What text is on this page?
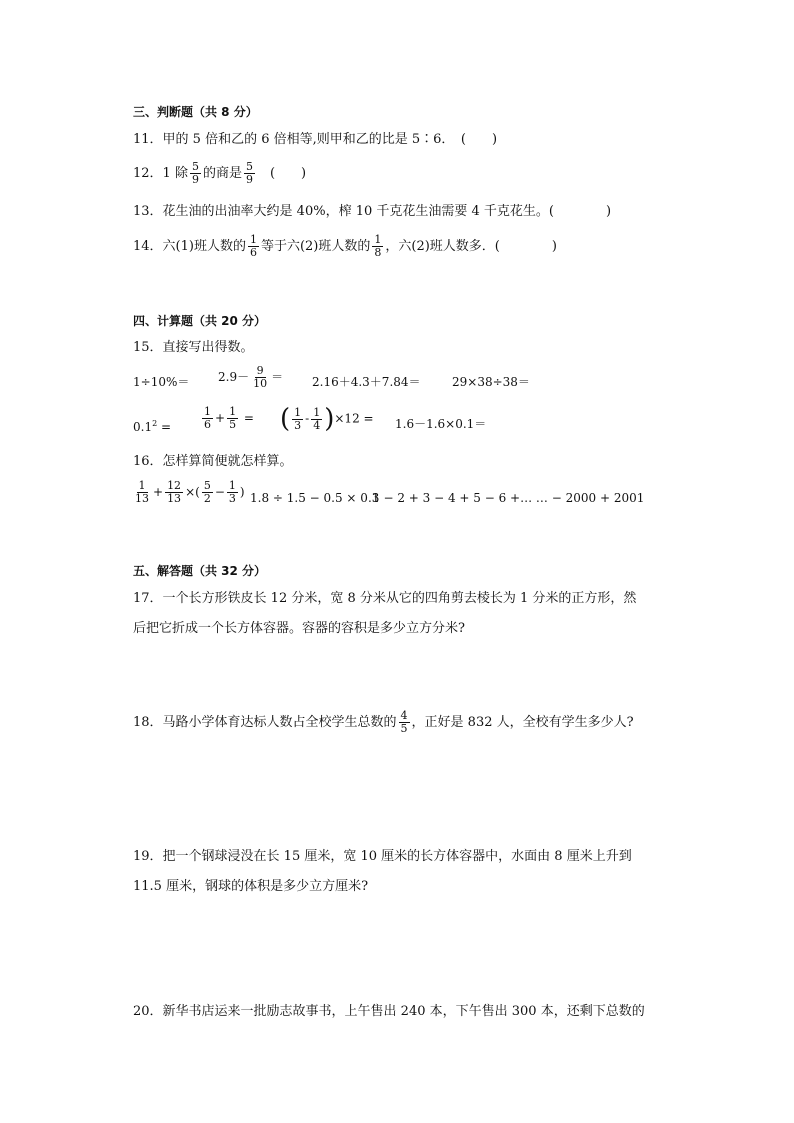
三、判断题（共 8 分）
11．甲的 5 倍和乙的 6 倍相等,则甲和乙的比是 5∶6．　(　　)
12．1 除 $\frac{5}{9}$ 的商是 $\frac{5}{9}$ 　(　　)
13．花生油的出油率大约是 40%，榨 10 千克花生油需要 4 千克花生。(　　　　)
14．六(1)班人数的 $\frac{1}{6}$ 等于六(2)班人数的 $\frac{1}{8}$ ，六(2)班人数多．(　　　　)
四、计算题（共 20 分）
15．直接写出得数。
$1\div 10\%= 2.9- \frac{9}{10} = 2.16+4.3+7.84=$	29×38÷38＝
$0.1^2$ =	$\frac{1}{6} + \frac{1}{5}$ = ( $\frac{1}{3} - \frac{1}{4} )\times 12 = 1.6-1.6\times 0.1=$
16．怎样算简便就怎样算。
$\frac{1}{13} + \frac{12}{13}$ ×( $\frac{5}{2} - \frac{1}{3}$ ) 1.8 ÷ 1.5 − 0.5 × 0.3
1 − 2 + 3 − 4 + 5 − 6 +… … − 2000 + 2001
五、解答题（共 32 分）
17．一个长方形铁皮长 12 分米，宽 8 分米从它的四角剪去棱长为 1 分米的正方形，然
后把它折成一个长方体容器。容器的容积是多少立方分米?
18．马路小学体育达标人数占全校学生总数的 $\frac{4}{5}$ ，正好是 832 人，全校有学生多少人?
19．把一个钢球浸没在长 15 厘米，宽 10 厘米的长方体容器中，水面由 8 厘米上升到
11.5 厘米，钢球的体积是多少立方厘米?
20．新华书店运来一批励志故事书，上午售出 240 本，下午售出 300 本，还剩下总数的
